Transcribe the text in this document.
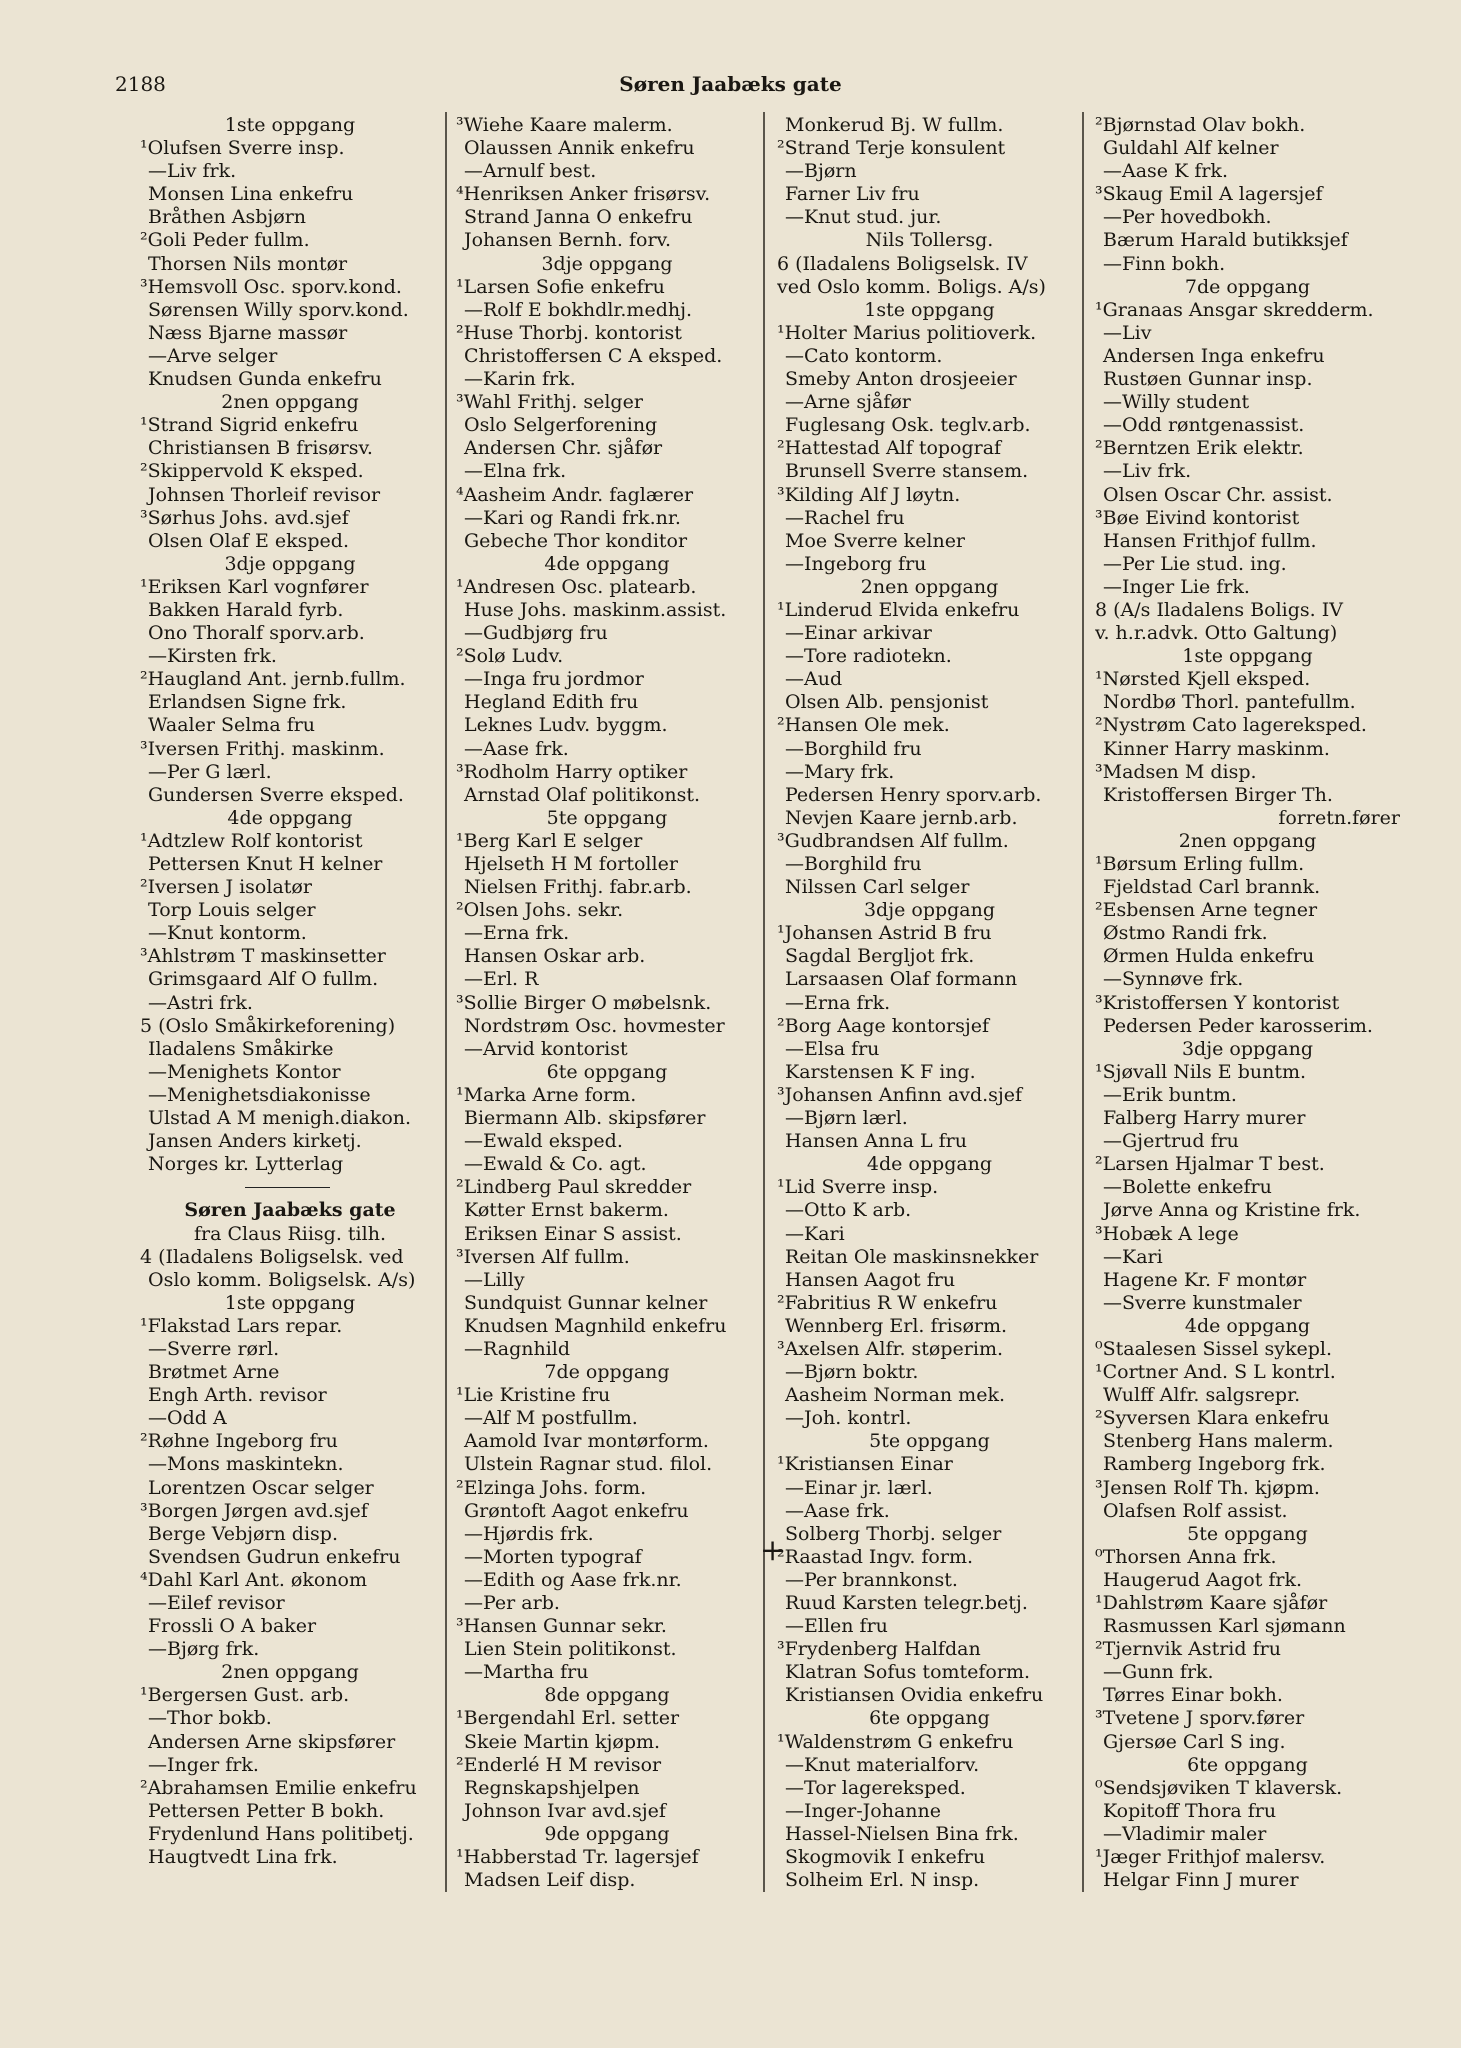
2188	Søren Jaabæks gate
+
1ste oppgang
¹Olufsen Sverre insp.
—Liv frk.
Monsen Lina enkefru
Bråthen Asbjørn
²Goli Peder fullm.
Thorsen Nils montør
³Hemsvoll Osc. sporv.kond.
Sørensen Willy sporv.kond.
Næss Bjarne massør
—Arve selger
Knudsen Gunda enkefru
2nen oppgang
¹Strand Sigrid enkefru
Christiansen B frisørsv.
²Skippervold K eksped.
Johnsen Thorleif revisor
³Sørhus Johs. avd.sjef
Olsen Olaf E eksped.
3dje oppgang
¹Eriksen Karl vognfører
Bakken Harald fyrb.
Ono Thoralf sporv.arb.
—Kirsten frk.
²Haugland Ant. jernb.fullm.
Erlandsen Signe frk.
Waaler Selma fru
³Iversen Frithj. maskinm.
—Per G lærl.
Gundersen Sverre eksped.
4de oppgang
¹Adtzlew Rolf kontorist
Pettersen Knut H kelner
²Iversen J isolatør
Torp Louis selger
—Knut kontorm.
³Ahlstrøm T maskinsetter
Grimsgaard Alf O fullm.
—Astri frk.
5 (Oslo Småkirkeforening)
Iladalens Småkirke
—Menighets Kontor
—Menighetsdiakonisse
Ulstad A M menigh.diakon.
Jansen Anders kirketj.
Norges kr. Lytterlag
Søren Jaabæks gate
fra Claus Riisg. tilh.
4 (Iladalens Boligselsk. ved
Oslo komm. Boligselsk. A/s)
1ste oppgang
¹Flakstad Lars repar.
—Sverre rørl.
Brøtmet Arne
Engh Arth. revisor
—Odd A
²Røhne Ingeborg fru
—Mons maskintekn.
Lorentzen Oscar selger
³Borgen Jørgen avd.sjef
Berge Vebjørn disp.
Svendsen Gudrun enkefru
⁴Dahl Karl Ant. økonom
—Eilef revisor
Frossli O A baker
—Bjørg frk.
2nen oppgang
¹Bergersen Gust. arb.
—Thor bokb.
Andersen Arne skipsfører
—Inger frk.
²Abrahamsen Emilie enkefru
Pettersen Petter B bokh.
Frydenlund Hans politibetj.
Haugtvedt Lina frk.
³Wiehe Kaare malerm.
Olaussen Annik enkefru
—Arnulf best.
⁴Henriksen Anker frisørsv.
Strand Janna O enkefru
Johansen Bernh. forv.
3dje oppgang
¹Larsen Sofie enkefru
—Rolf E bokhdlr.medhj.
²Huse Thorbj. kontorist
Christoffersen C A eksped.
—Karin frk.
³Wahl Frithj. selger
Oslo Selgerforening
Andersen Chr. sjåfør
—Elna frk.
⁴Aasheim Andr. faglærer
—Kari og Randi frk.nr.
Gebeche Thor konditor
4de oppgang
¹Andresen Osc. platearb.
Huse Johs. maskinm.assist.
—Gudbjørg fru
²Solø Ludv.
—Inga fru jordmor
Hegland Edith fru
Leknes Ludv. byggm.
—Aase frk.
³Rodholm Harry optiker
Arnstad Olaf politikonst.
5te oppgang
¹Berg Karl E selger
Hjelseth H M fortoller
Nielsen Frithj. fabr.arb.
²Olsen Johs. sekr.
—Erna frk.
Hansen Oskar arb.
—Erl. R
³Sollie Birger O møbelsnk.
Nordstrøm Osc. hovmester
—Arvid kontorist
6te oppgang
¹Marka Arne form.
Biermann Alb. skipsfører
—Ewald eksped.
—Ewald & Co. agt.
²Lindberg Paul skredder
Køtter Ernst bakerm.
Eriksen Einar S assist.
³Iversen Alf fullm.
—Lilly
Sundquist Gunnar kelner
Knudsen Magnhild enkefru
—Ragnhild
7de oppgang
¹Lie Kristine fru
—Alf M postfullm.
Aamold Ivar montørform.
Ulstein Ragnar stud. filol.
²Elzinga Johs. form.
Grøntoft Aagot enkefru
—Hjørdis frk.
—Morten typograf
—Edith og Aase frk.nr.
—Per arb.
³Hansen Gunnar sekr.
Lien Stein politikonst.
—Martha fru
8de oppgang
¹Bergendahl Erl. setter
Skeie Martin kjøpm.
²Enderlé H M revisor
Regnskapshjelpen
Johnson Ivar avd.sjef
9de oppgang
¹Habberstad Tr. lagersjef
Madsen Leif disp.
Monkerud Bj. W fullm.
²Strand Terje konsulent
—Bjørn
Farner Liv fru
—Knut stud. jur.
Nils Tollersg.
6 (Iladalens Boligselsk. IV
ved Oslo komm. Boligs. A/s)
1ste oppgang
¹Holter Marius politioverk.
—Cato kontorm.
Smeby Anton drosjeeier
—Arne sjåfør
Fuglesang Osk. teglv.arb.
²Hattestad Alf topograf
Brunsell Sverre stansem.
³Kilding Alf J løytn.
—Rachel fru
Moe Sverre kelner
—Ingeborg fru
2nen oppgang
¹Linderud Elvida enkefru
—Einar arkivar
—Tore radiotekn.
—Aud
Olsen Alb. pensjonist
²Hansen Ole mek.
—Borghild fru
—Mary frk.
Pedersen Henry sporv.arb.
Nevjen Kaare jernb.arb.
³Gudbrandsen Alf fullm.
—Borghild fru
Nilssen Carl selger
3dje oppgang
¹Johansen Astrid B fru
Sagdal Bergljot frk.
Larsaasen Olaf formann
—Erna frk.
²Borg Aage kontorsjef
—Elsa fru
Karstensen K F ing.
³Johansen Anfinn avd.sjef
—Bjørn lærl.
Hansen Anna L fru
4de oppgang
¹Lid Sverre insp.
—Otto K arb.
—Kari
Reitan Ole maskinsnekker
Hansen Aagot fru
²Fabritius R W enkefru
Wennberg Erl. frisørm.
³Axelsen Alfr. støperim.
—Bjørn boktr.
Aasheim Norman mek.
—Joh. kontrl.
5te oppgang
¹Kristiansen Einar
—Einar jr. lærl.
—Aase frk.
Solberg Thorbj. selger
²Raastad Ingv. form.
—Per brannkonst.
Ruud Karsten telegr.betj.
—Ellen fru
³Frydenberg Halfdan
Klatran Sofus tomteform.
Kristiansen Ovidia enkefru
6te oppgang
¹Waldenstrøm G enkefru
—Knut materialforv.
—Tor lagereksped.
—Inger-Johanne
Hassel-Nielsen Bina frk.
Skogmovik I enkefru
Solheim Erl. N insp.
²Bjørnstad Olav bokh.
Guldahl Alf kelner
—Aase K frk.
³Skaug Emil A lagersjef
—Per hovedbokh.
Bærum Harald butikksjef
—Finn bokh.
7de oppgang
¹Granaas Ansgar skredderm.
—Liv
Andersen Inga enkefru
Rustøen Gunnar insp.
—Willy student
—Odd røntgenassist.
²Berntzen Erik elektr.
—Liv frk.
Olsen Oscar Chr. assist.
³Bøe Eivind kontorist
Hansen Frithjof fullm.
—Per Lie stud. ing.
—Inger Lie frk.
8 (A/s Iladalens Boligs. IV
v. h.r.advk. Otto Galtung)
1ste oppgang
¹Nørsted Kjell eksped.
Nordbø Thorl. pantefullm.
²Nystrøm Cato lagereksped.
Kinner Harry maskinm.
³Madsen M disp.
Kristoffersen Birger Th.
forretn.fører
2nen oppgang
¹Børsum Erling fullm.
Fjeldstad Carl brannk.
²Esbensen Arne tegner
Østmo Randi frk.
Ørmen Hulda enkefru
—Synnøve frk.
³Kristoffersen Y kontorist
Pedersen Peder karosserim.
3dje oppgang
¹Sjøvall Nils E buntm.
—Erik buntm.
Falberg Harry murer
—Gjertrud fru
²Larsen Hjalmar T best.
—Bolette enkefru
Jørve Anna og Kristine frk.
³Hobæk A lege
—Kari
Hagene Kr. F montør
—Sverre kunstmaler
4de oppgang
⁰Staalesen Sissel sykepl.
¹Cortner And. S L kontrl.
Wulff Alfr. salgsrepr.
²Syversen Klara enkefru
Stenberg Hans malerm.
Ramberg Ingeborg frk.
³Jensen Rolf Th. kjøpm.
Olafsen Rolf assist.
5te oppgang
⁰Thorsen Anna frk.
Haugerud Aagot frk.
¹Dahlstrøm Kaare sjåfør
Rasmussen Karl sjømann
²Tjernvik Astrid fru
—Gunn frk.
Tørres Einar bokh.
³Tvetene J sporv.fører
Gjersøe Carl S ing.
6te oppgang
⁰Sendsjøviken T klaversk.
Kopitoff Thora fru
—Vladimir maler
¹Jæger Frithjof malersv.
Helgar Finn J murer
